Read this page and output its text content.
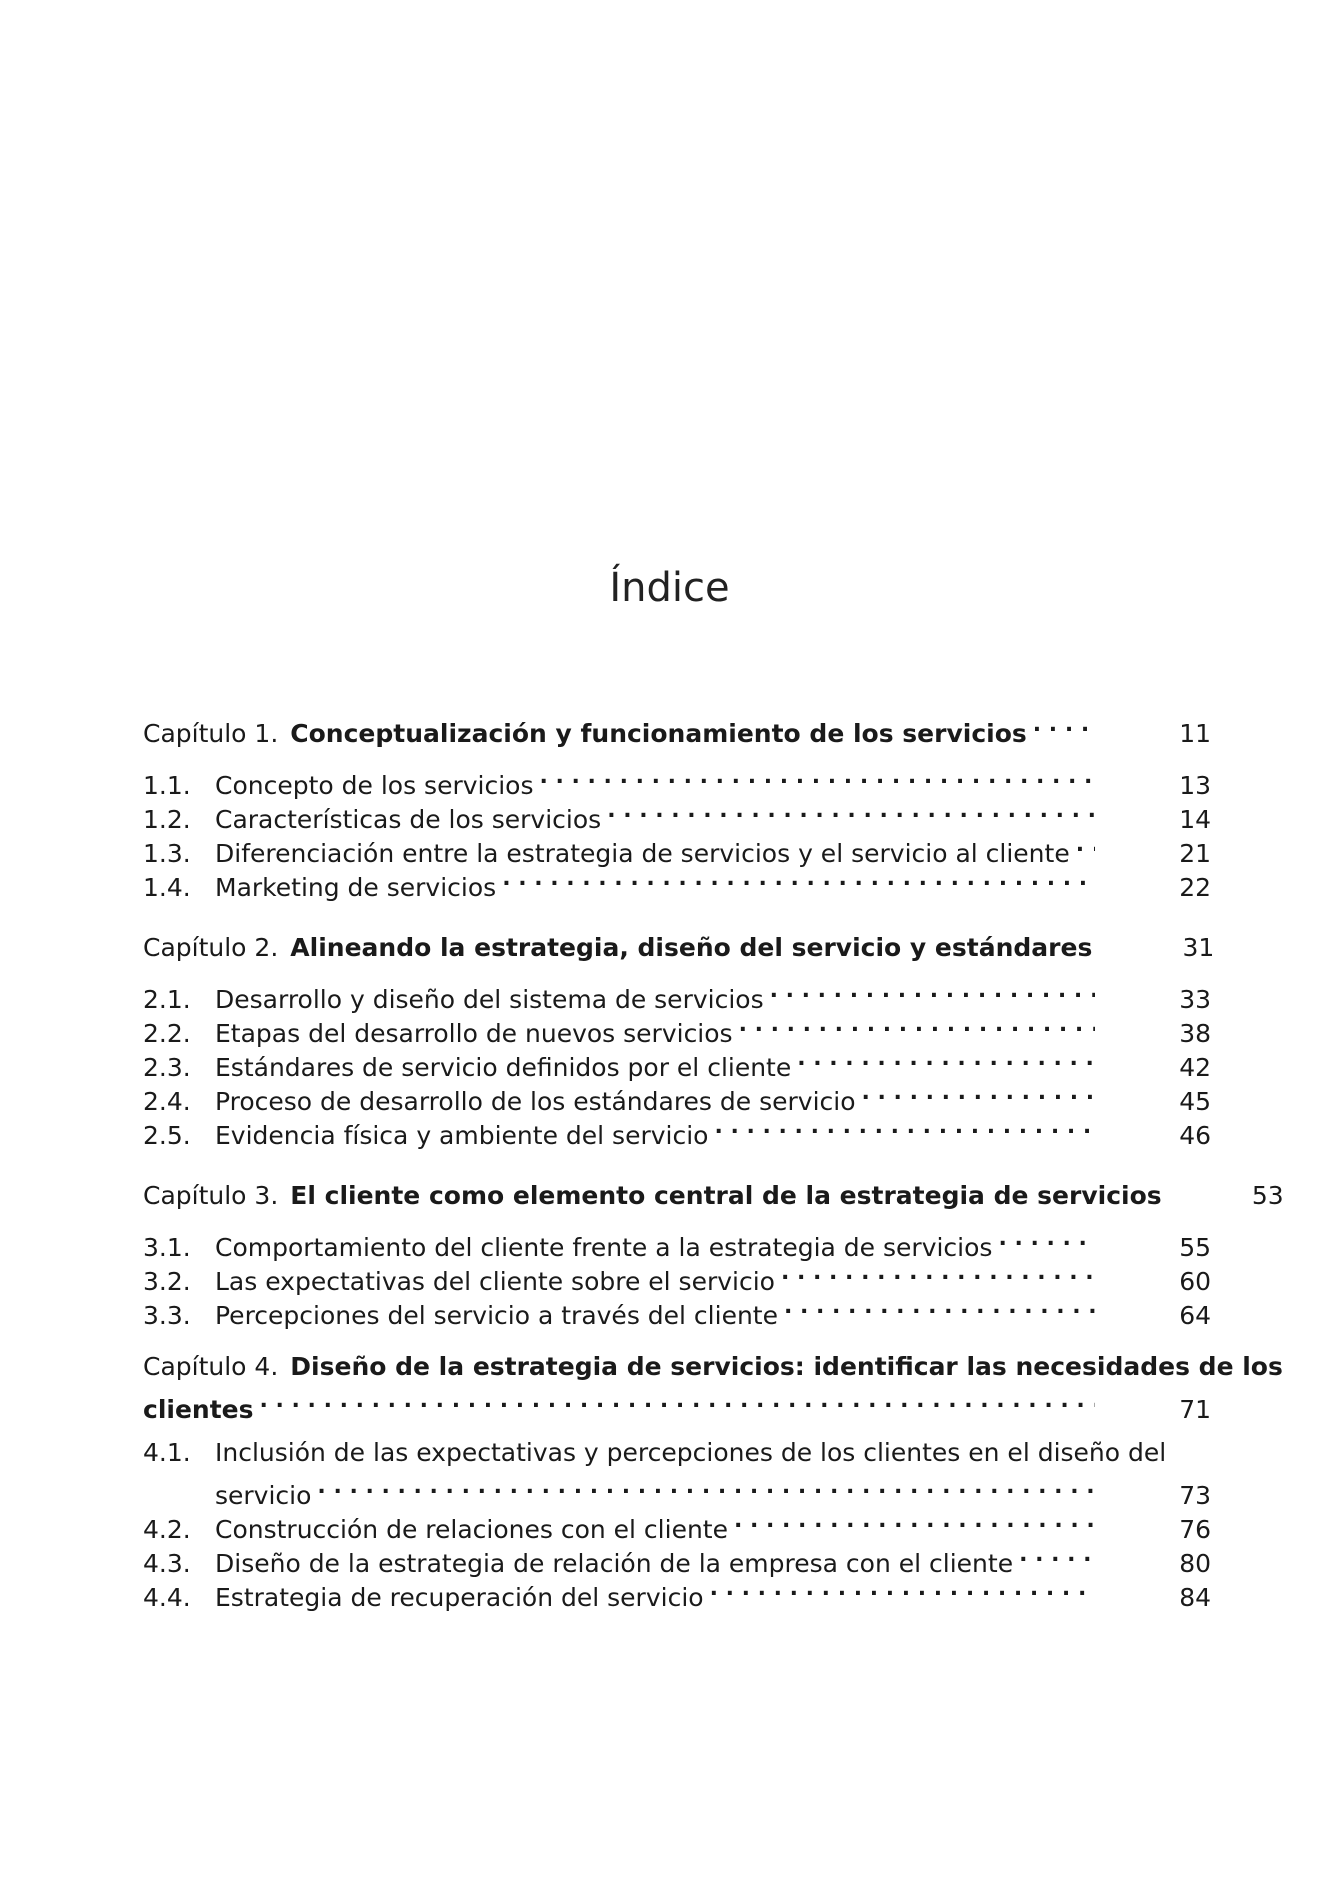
Índice
Capítulo 1. Conceptualización y funcionamiento de los servicios . . .	11
1.1. Concepto de los servicios . . .	13
1.2. Características de los servicios . . .	14
1.3. Diferenciación entre la estrategia de servicios y el servicio al cliente . . .	21
1.4. Marketing de servicios . . .	22
Capítulo 2. Alineando la estrategia, diseño del servicio y estándares	31
2.1. Desarrollo y diseño del sistema de servicios . . .	33
2.2. Etapas del desarrollo de nuevos servicios . . .	38
2.3. Estándares de servicio definidos por el cliente . . .	42
2.4. Proceso de desarrollo de los estándares de servicio . . .	45
2.5. Evidencia física y ambiente del servicio . . .	46
Capítulo 3. El cliente como elemento central de la estrategia de servicios	53
3.1. Comportamiento del cliente frente a la estrategia de servicios . . .	55
3.2. Las expectativas del cliente sobre el servicio . . .	60
3.3. Percepciones del servicio a través del cliente . . .	64
Capítulo 4. Diseño de la estrategia de servicios: identificar las necesidades de los
clientes . . .	71
4.1. Inclusión de las expectativas y percepciones de los clientes en el diseño del
servicio . . .	73
4.2. Construcción de relaciones con el cliente . . .	76
4.3. Diseño de la estrategia de relación de la empresa con el cliente . . .	80
4.4. Estrategia de recuperación del servicio . . .	84
